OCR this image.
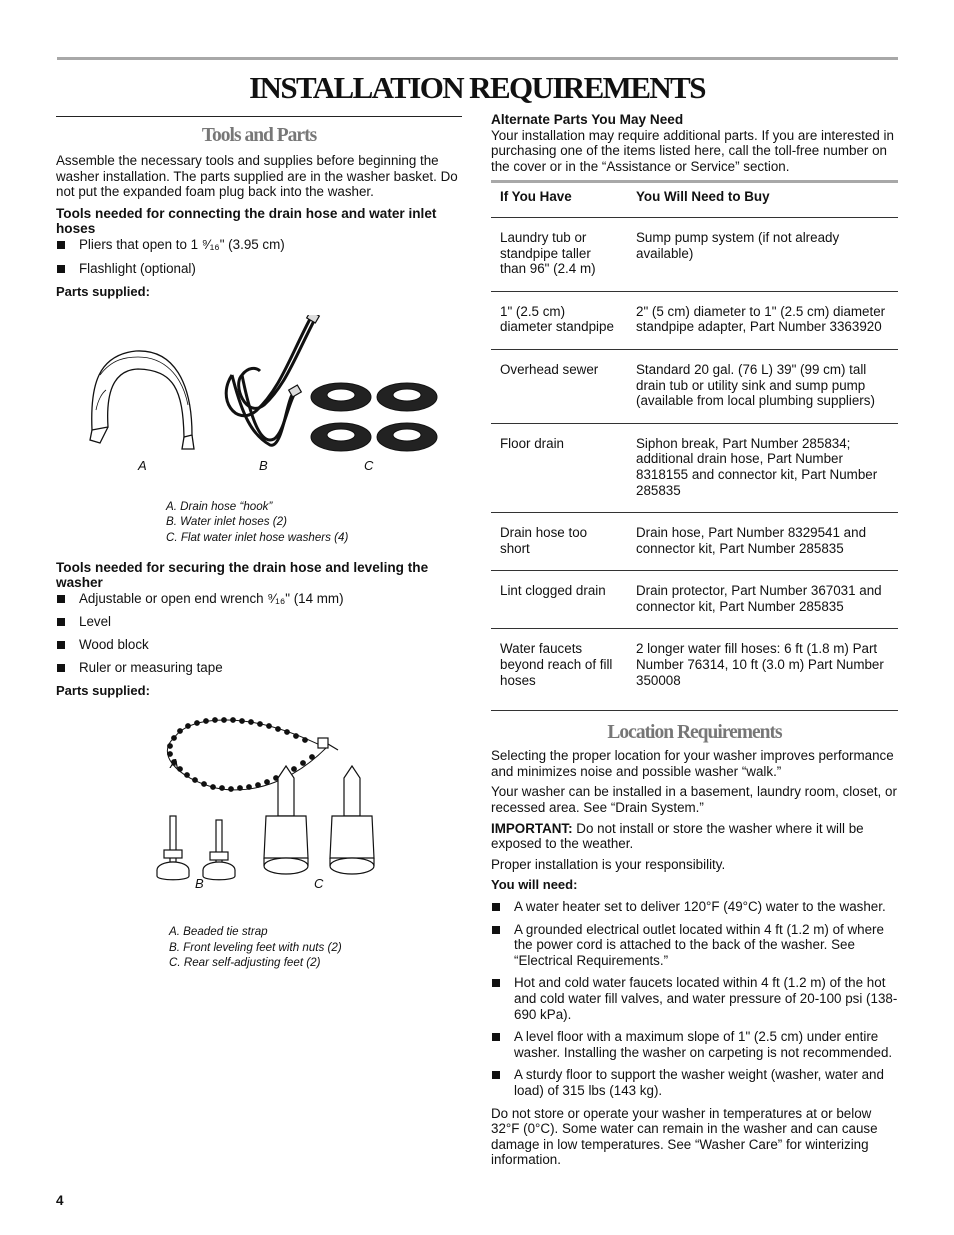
INSTALLATION REQUIREMENTS
Tools and Parts

Assemble the necessary tools and supplies before beginning the washer installation. The parts supplied are in the washer basket. Do not put the expanded foam plug back into the washer.

Tools needed for connecting the drain hose and water inlet hoses

Pliers that open to 1 ⁹⁄₁₆" (3.95 cm)
Flashlight (optional)

Parts supplied:

A	B	C
A. Drain hose “hook”
B. Water inlet hoses (2)
C. Flat water inlet hose washers (4)

Tools needed for securing the drain hose and leveling the washer

Adjustable or open end wrench ⁹⁄₁₆" (14 mm)
Level
Wood block
Ruler or measuring tape

Parts supplied:

A
B	C
A. Beaded tie strap
B. Front leveling feet with nuts (2)
C. Rear self-adjusting feet (2)

Alternate Parts You May Need

Your installation may require additional parts. If you are interested in purchasing one of the items listed here, call the toll-free number on the cover or in the “Assistance or Service” section.

If You Have	You Will Need to Buy
Laundry tub or standpipe taller than 96" (2.4 m)	Sump pump system (if not already available)
1" (2.5 cm) diameter standpipe	2" (5 cm) diameter to 1" (2.5 cm) diameter standpipe adapter, Part Number 3363920
Overhead sewer	Standard 20 gal. (76 L) 39" (99 cm) tall drain tub or utility sink and sump pump (available from local plumbing suppliers)
Floor drain	Siphon break, Part Number 285834; additional drain hose, Part Number 8318155 and connector kit, Part Number 285835
Drain hose too short	Drain hose, Part Number 8329541 and connector kit, Part Number 285835
Lint clogged drain	Drain protector, Part Number 367031 and connector kit, Part Number 285835
Water faucets beyond reach of fill hoses	2 longer water fill hoses: 6 ft (1.8 m) Part Number 76314, 10 ft (3.0 m) Part Number 350008
Location Requirements

Selecting the proper location for your washer improves performance and minimizes noise and possible washer “walk.”

Your washer can be installed in a basement, laundry room, closet, or recessed area. See “Drain System.”

IMPORTANT: Do not install or store the washer where it will be exposed to the weather.

Proper installation is your responsibility.

You will need:

A water heater set to deliver 120°F (49°C) water to the washer.
A grounded electrical outlet located within 4 ft (1.2 m) of where the power cord is attached to the back of the washer. See “Electrical Requirements.”
Hot and cold water faucets located within 4 ft (1.2 m) of the hot and cold water fill valves, and water pressure of 20-100 psi (138-690 kPa).
A level floor with a maximum slope of 1" (2.5 cm) under entire washer. Installing the washer on carpeting is not recommended.
A sturdy floor to support the washer weight (washer, water and load) of 315 lbs (143 kg).

Do not store or operate your washer in temperatures at or below 32°F (0°C). Some water can remain in the washer and can cause damage in low temperatures. See “Washer Care” for winterizing information.

4
